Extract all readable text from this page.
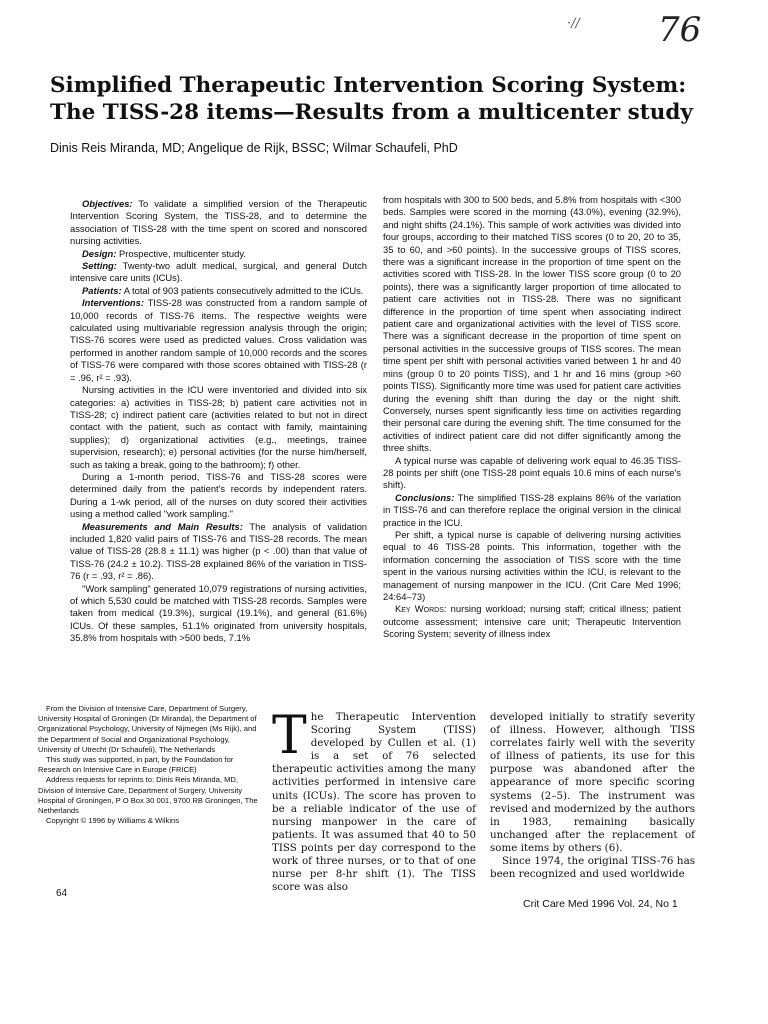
·// 76
Simplified Therapeutic Intervention Scoring System:
The TISS-28 items—Results from a multicenter study
Dinis Reis Miranda, MD; Angelique de Rijk, BSSC; Wilmar Schaufeli, PhD

Objectives: To validate a simplified version of the Therapeutic Intervention Scoring System, the TISS-28, and to determine the association of TISS-28 with the time spent on scored and nonscored nursing activities.

Design: Prospective, multicenter study.

Setting: Twenty-two adult medical, surgical, and general Dutch intensive care units (ICUs).

Patients: A total of 903 patients consecutively admitted to the ICUs.

Interventions: TISS-28 was constructed from a random sample of 10,000 records of TISS-76 items. The respective weights were calculated using multivariable regression analysis through the origin; TISS-76 scores were used as predicted values. Cross validation was performed in another random sample of 10,000 records and the scores of TISS-76 were compared with those scores obtained with TISS-28 (r = .96, r² = .93).

Nursing activities in the ICU were inventoried and divided into six categories: a) activities in TISS-28; b) patient care activities not in TISS-28; c) indirect patient care (activities related to but not in direct contact with the patient, such as contact with family, maintaining supplies); d) organizational activities (e.g., meetings, trainee supervision, research); e) personal activities (for the nurse him/herself, such as taking a break, going to the bathroom); f) other.

During a 1-month period, TISS-76 and TISS-28 scores were determined daily from the patient's records by independent raters. During a 1-wk period, all of the nurses on duty scored their activities using a method called "work sampling."

Measurements and Main Results: The analysis of validation included 1,820 valid pairs of TISS-76 and TISS-28 records. The mean value of TISS-28 (28.8 ± 11.1) was higher (p < .00) than that value of TISS-76 (24.2 ± 10.2). TISS-28 explained 86% of the variation in TISS-76 (r = .93, r² = .86).

"Work sampling" generated 10,079 registrations of nursing activities, of which 5,530 could be matched with TISS-28 records. Samples were taken from medical (19.3%), surgical (19.1%), and general (61.6%) ICUs. Of these samples, 51.1% originated from university hospitals, 35.8% from hospitals with >500 beds, 7.1%

from hospitals with 300 to 500 beds, and 5.8% from hospitals with <300 beds. Samples were scored in the morning (43.0%), evening (32.9%), and night shifts (24.1%). This sample of work activities was divided into four groups, according to their matched TISS scores (0 to 20, 20 to 35, 35 to 60, and >60 points). In the successive groups of TISS scores, there was a significant increase in the proportion of time spent on the activities scored with TISS-28. In the lower TISS score group (0 to 20 points), there was a significantly larger proportion of time allocated to patient care activities not in TISS-28. There was no significant difference in the proportion of time spent when associating indirect patient care and organizational activities with the level of TISS score. There was a significant decrease in the proportion of time spent on personal activities in the successive groups of TISS scores. The mean time spent per shift with personal activities varied between 1 hr and 40 mins (group 0 to 20 points TISS), and 1 hr and 16 mins (group >60 points TISS). Significantly more time was used for patient care activities during the evening shift than during the day or the night shift. Conversely, nurses spent significantly less time on activities regarding their personal care during the evening shift. The time consumed for the activities of indirect patient care did not differ significantly among the three shifts.

A typical nurse was capable of delivering work equal to 46.35 TISS-28 points per shift (one TISS-28 point equals 10.6 mins of each nurse's shift).

Conclusions: The simplified TISS-28 explains 86% of the variation in TISS-76 and can therefore replace the original version in the clinical practice in the ICU.

Per shift, a typical nurse is capable of delivering nursing activities equal to 46 TISS-28 points. This information, together with the information concerning the association of TISS score with the time spent in the various nursing activities within the ICU, is relevant to the management of nursing manpower in the ICU. (Crit Care Med 1996; 24:64–73)

Key Words: nursing workload; nursing staff; critical illness; patient outcome assessment; intensive care unit; Therapeutic Intervention Scoring System; severity of illness index

From the Division of Intensive Care, Department of Surgery, University Hospital of Groningen (Dr Miranda), the Department of Organizational Psychology, University of Nijmegen (Ms Rijk), and the Department of Social and Organizational Psychology, University of Utrecht (Dr Schaufeli), The Netherlands

This study was supported, in part, by the Foundation for Research on Intensive Care in Europe (FRICE)

Address requests for reprints to: Dinis Reis Miranda, MD, Division of Intensive Care, Department of Surgery, University Hospital of Groningen, P O Box 30 001, 9700 RB Groningen, The Netherlands

Copyright © 1996 by Williams & Wilkins

The Therapeutic Intervention Scoring System (TISS) developed by Cullen et al. (1) is a set of 76 selected therapeutic activities among the many activities performed in intensive care units (ICUs). The score has proven to be a reliable indicator of the use of nursing manpower in the care of patients. It was assumed that 40 to 50 TISS points per day correspond to the work of three nurses, or to that of one nurse per 8-hr shift (1). The TISS score was also

developed initially to stratify severity of illness. However, although TISS correlates fairly well with the severity of illness of patients, its use for this purpose was abandoned after the appearance of more specific scoring systems (2–5). The instrument was revised and modernized by the authors in 1983, remaining basically unchanged after the replacement of some items by others (6).

Since 1974, the original TISS-76 has been recognized and used worldwide

64
Crit Care Med 1996 Vol. 24, No 1
